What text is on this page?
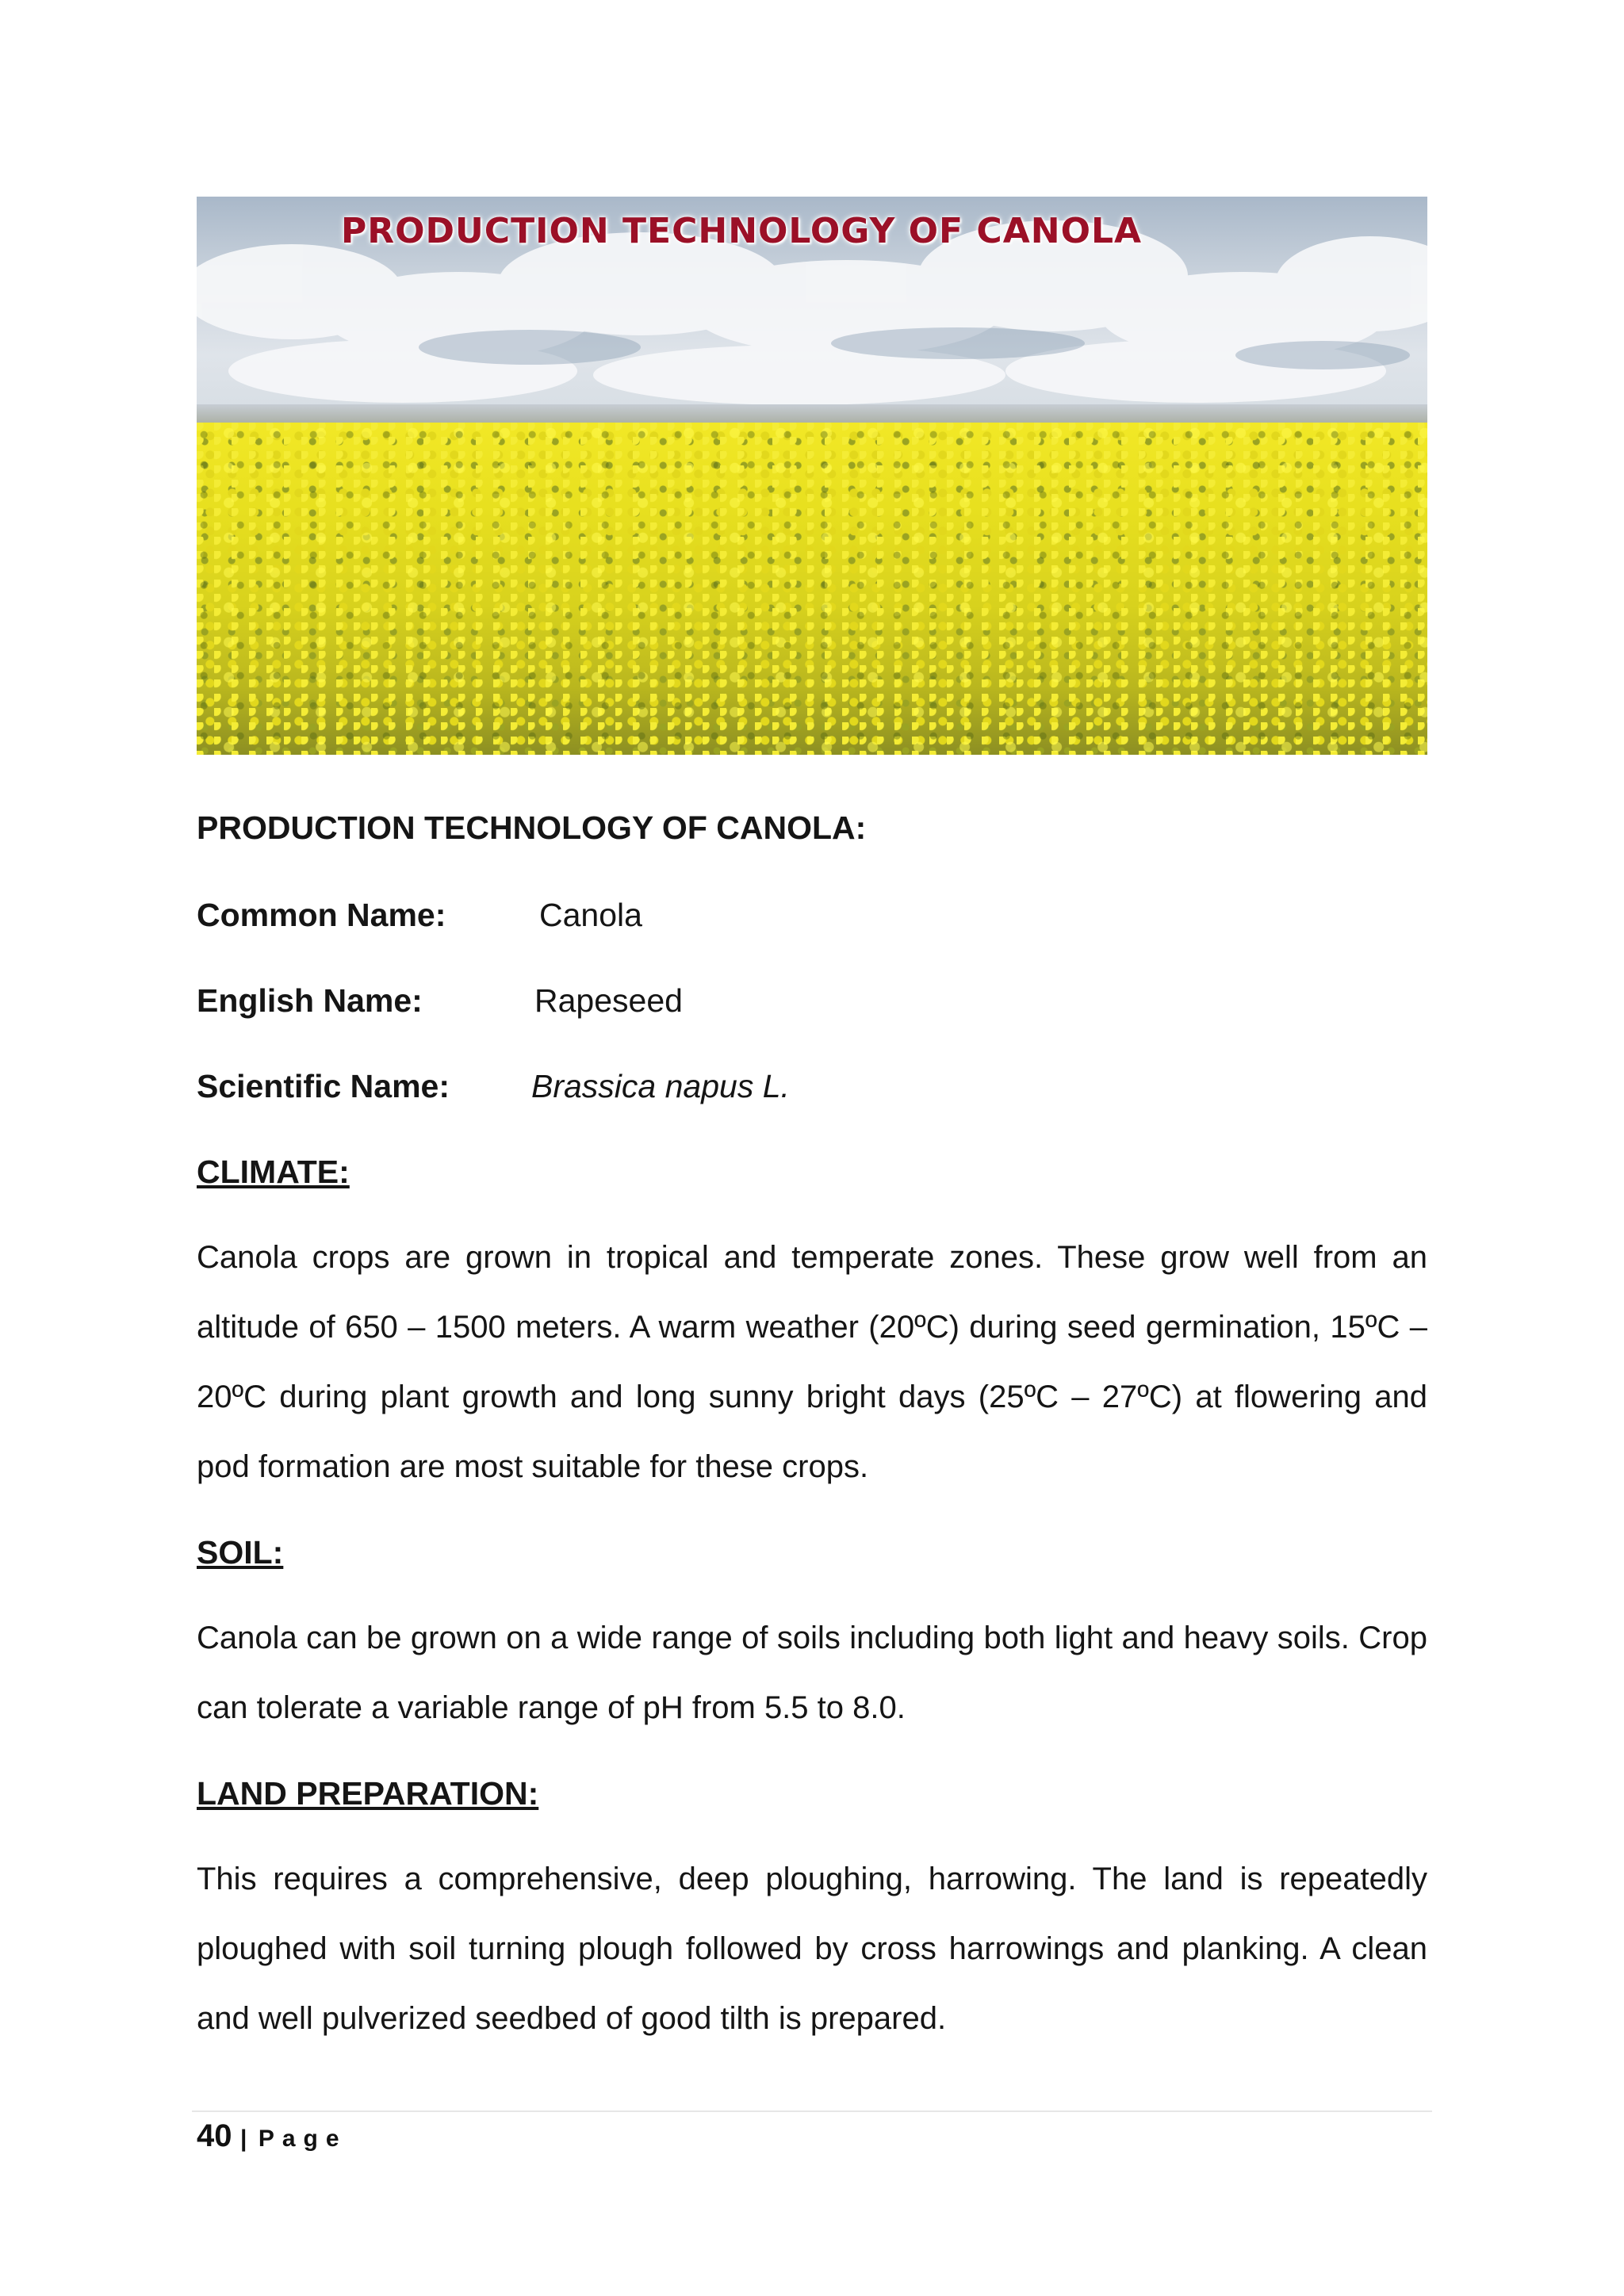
PRODUCTION TECHNOLOGY OF CANOLA
PRODUCTION TECHNOLOGY OF CANOLA:
Common Name:	Canola
English Name:	Rapeseed
Scientific Name:	Brassica napus L.
CLIMATE:
Canola crops are grown in tropical and temperate zones. These grow well from an altitude of 650 – 1500 meters. A warm weather (20ºC) during seed germination, 15ºC – 20ºC during plant growth and long sunny bright days (25ºC – 27ºC) at flowering and pod formation are most suitable for these crops.
SOIL:
Canola can be grown on a wide range of soils including both light and heavy soils. Crop can tolerate a variable range of pH from 5.5 to 8.0.
LAND PREPARATION:
This requires a comprehensive, deep ploughing, harrowing. The land is repeatedly ploughed with soil turning plough followed by cross harrowings and planking. A clean and well pulverized seedbed of good tilth is prepared.
40 | Page
